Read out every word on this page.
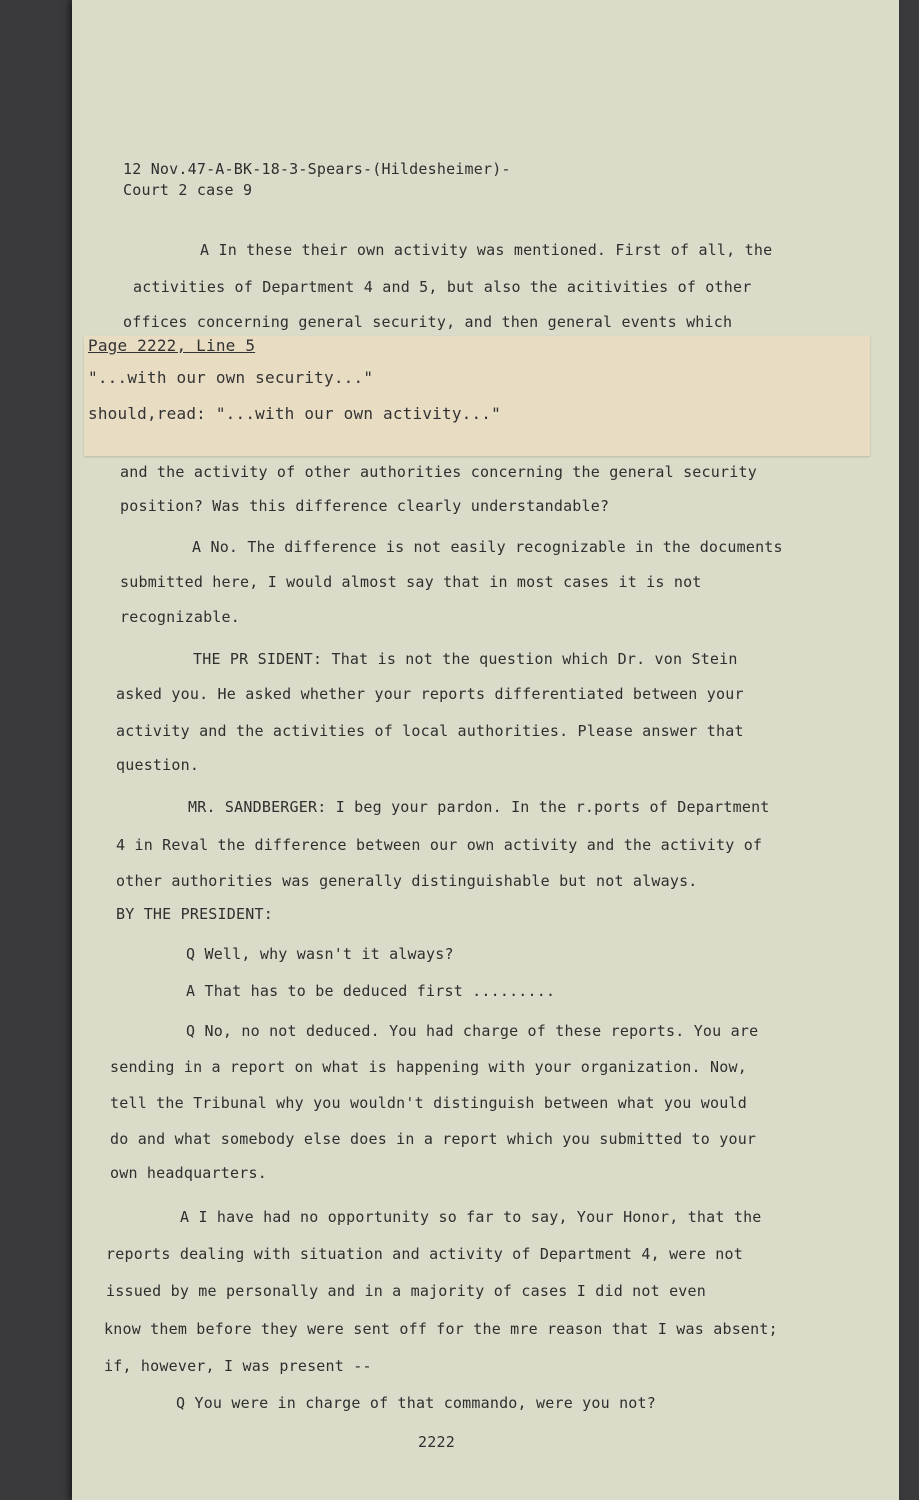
12 Nov.47-A-BK-18-3-Spears-(Hildesheimer)-
Court 2 case 9
A In these their own activity was mentioned. First of all, the
activities of Department 4 and 5, but also the acitivities of other
offices concerning general security, and then general events which
Page 2222, Line 5
"...with our own security..."
should,read: "...with our own activity..."
and the activity of other authorities concerning the general security
position? Was this difference clearly understandable?
A No. The difference is not easily recognizable in the documents
submitted here, I would almost say that in most cases it is not
recognizable.
THE PR SIDENT: That is not the question which Dr. von Stein
asked you. He asked whether your reports differentiated between your
activity and the activities of local authorities. Please answer that
question.
MR. SANDBERGER: I beg your pardon. In the r.ports of Department
4 in Reval the difference between our own activity and the activity of
other authorities was generally distinguishable but not always.
BY THE PRESIDENT:
Q Well, why wasn't it always?
A That has to be deduced first .........
Q No, no not deduced. You had charge of these reports. You are
sending in a report on what is happening with your organization. Now,
tell the Tribunal why you wouldn't distinguish between what you would
do and what somebody else does in a report which you submitted to your
own headquarters.
A I have had no opportunity so far to say, Your Honor, that the
reports dealing with situation and activity of Department 4, were not
issued by me personally and in a majority of cases I did not even
know them before they were sent off for the mre reason that I was absent;
if, however, I was present --
Q You were in charge of that commando, were you not?
2222
